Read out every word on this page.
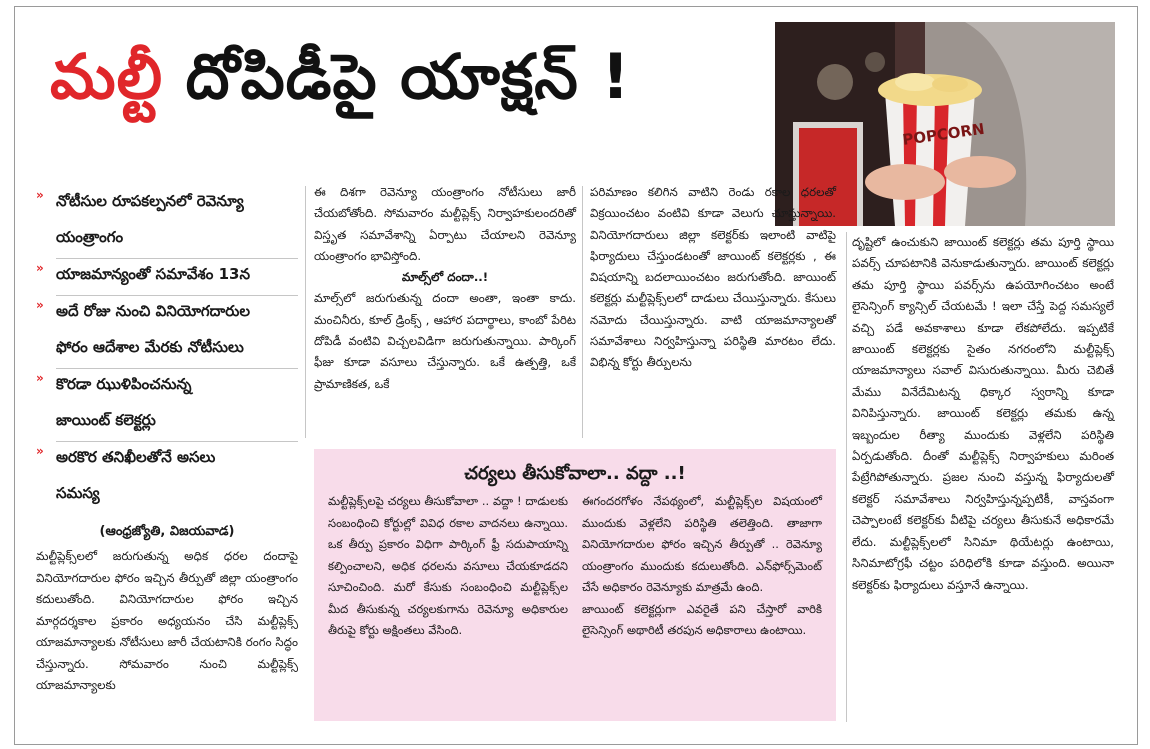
మల్టీ దోపిడీపై యాక్షన్ !
POPCORN
» నోటీసుల రూపకల్పనలో రెవెన్యూ
యంత్రాంగం
» యాజమాన్యంతో సమావేశం 13న
» అదే రోజు నుంచి వినియోగదారుల
ఫోరం ఆదేశాల మేరకు నోటీసులు
» కొరడా ఝుళిపించనున్న
జాయింట్ కలెక్టర్లు
» అరకొర తనిఖీలతోనే అసలు
సమస్య
(ఆంధ్రజ్యోతి, విజయవాడ)

మల్టీప్లెక్స్‌లలో జరుగుతున్న అధిక ధరల దందాపై వినియోగదారుల ఫోరం ఇచ్చిన తీర్పుతో జిల్లా యంత్రాంగం కదులుతోంది. వినియోగదారుల ఫోరం ఇచ్చిన మార్గదర్శకాల ప్రకారం అధ్యయనం చేసి మల్టీప్లెక్స్ యాజమాన్యాలకు నోటీసులు జారీ చేయటానికి రంగం సిద్ధం చేస్తున్నారు. సోమవారం నుంచి మల్టీప్లెక్స్ యాజమాన్యాలకు

ఈ దిశగా రెవెన్యూ యంత్రాంగం నోటీసులు జారీ చేయబోతోంది. సోమవారం మల్టీప్లెక్స్ నిర్వాహకులందరితో విస్తృత సమావేశాన్ని ఏర్పాటు చేయాలని రెవెన్యూ యంత్రాంగం భావిస్తోంది.

మాల్స్‌లో దందా..!

మాల్స్‌లో జరుగుతున్న దందా అంతా, ఇంతా కాదు. మంచినీరు, కూల్ డ్రింక్స్ , ఆహార పదార్థాలు, కాంబో పేరిట దోపిడీ వంటివి విచ్చలవిడిగా జరుగుతున్నాయి. పార్కింగ్ ఫీజు కూడా వసూలు చేస్తున్నారు. ఒకే ఉత్పత్తి, ఒకే ప్రామాణికత, ఒకే

పరిమాణం కలిగిన వాటిని రెండు రకాల ధరలతో విక్రయించటం వంటివి కూడా వెలుగు చూస్తున్నాయి. వినియోగదారులు జిల్లా కలెక్టర్‌కు ఇలాంటి వాటిపై ఫిర్యాదులు చేస్తుండటంతో జాయింట్ కలెక్టర్లకు , ఈ విషయాన్ని బదలాయించటం జరుగుతోంది. జాయింట్ కలెక్టర్లు మల్టీప్లెక్స్‌లలో దాడులు చేయిస్తున్నారు. కేసులు నమోదు చేయిస్తున్నారు. వాటి యాజమాన్యాలతో సమావేశాలు నిర్వహిస్తున్నా పరిస్థితి మారటం లేదు. విభిన్న కోర్టు తీర్పులను

దృష్టిలో ఉంచుకుని జాయింట్ కలెక్టర్లు తమ పూర్తి స్థాయి పవర్స్ చూపటానికి వెనుకాడుతున్నారు. జాయింట్ కలెక్టర్లు తమ పూర్తి స్థాయి పవర్స్‌ను ఉపయోగించటం అంటే లైసెన్సింగ్ క్యాన్సిల్ చేయటమే ! ఇలా చేస్తే పెద్ద సమస్యలే వచ్చి పడే అవకాశాలు కూడా లేకపోలేదు. ఇప్పటికే జాయింట్ కలెక్టర్లకు సైతం నగరంలోని మల్టీప్లెక్స్ యాజమాన్యాలు సవాల్ విసురుతున్నాయి. మీరు చెబితే మేము వినేదేమిటన్న ధిక్కార స్వరాన్ని కూడా వినిపిస్తున్నారు. జాయింట్ కలెక్టర్లు తమకు ఉన్న ఇబ్బందుల రీత్యా ముందుకు వెళ్లలేని పరిస్థితి ఏర్పడుతోంది. దీంతో మల్టీప్లెక్స్ నిర్వాహకులు మరింత పేట్రేగిపోతున్నారు. ప్రజల నుంచి వస్తున్న ఫిర్యాదులతో కలెక్టర్ సమావేశాలు నిర్వహిస్తున్నప్పటికీ, వాస్తవంగా చెప్పాలంటే కలెక్టర్‌కు వీటిపై చర్యలు తీసుకునే అధికారమే లేదు. మల్టీప్లెక్స్‌లలో సినిమా థియేటర్లు ఉంటాయి, సినిమాటోగ్రఫీ చట్టం పరిధిలోకి కూడా వస్తుంది. అయినా కలెక్టర్‌కు ఫిర్యాదులు వస్తూనే ఉన్నాయి.

చర్యలు తీసుకోవాలా.. వద్దా ..!

మల్టీప్లెక్స్‌లపై చర్యలు తీసుకోవాలా .. వద్దా ! దాడులకు సంబంధించి కోర్టుల్లో వివిధ రకాల వాదనలు ఉన్నాయి. ఒక తీర్పు ప్రకారం విధిగా పార్కింగ్ ఫ్రీ సదుపాయాన్ని కల్పించాలని, అధిక ధరలను వసూలు చేయకూడదని సూచించింది. మరో కేసుకు సంబంధించి మల్టీప్లెక్స్‌ల మీద తీసుకున్న చర్యలకుగాను రెవెన్యూ అధికారుల తీరుపై కోర్టు అక్షింతలు వేసింది.

ఈగందరగోళం నేపథ్యంలో, మల్టీప్లెక్స్‌ల విషయంలో ముందుకు వెళ్లలేని పరిస్థితి తలెత్తింది. తాజాగా వినియోగదారుల ఫోరం ఇచ్చిన తీర్పుతో .. రెవెన్యూ యంత్రాంగం ముందుకు కదులుతోంది. ఎన్‌ఫోర్స్‌మెంట్ చేసే అధికారం రెవెన్యూకు మాత్రమే ఉంది.

జాయింట్ కలెక్టర్లుగా ఎవరైతే పని చేస్తారో వారికి లైసెన్సింగ్ అథారిటీ తరపున అధికారాలు ఉంటాయి.
